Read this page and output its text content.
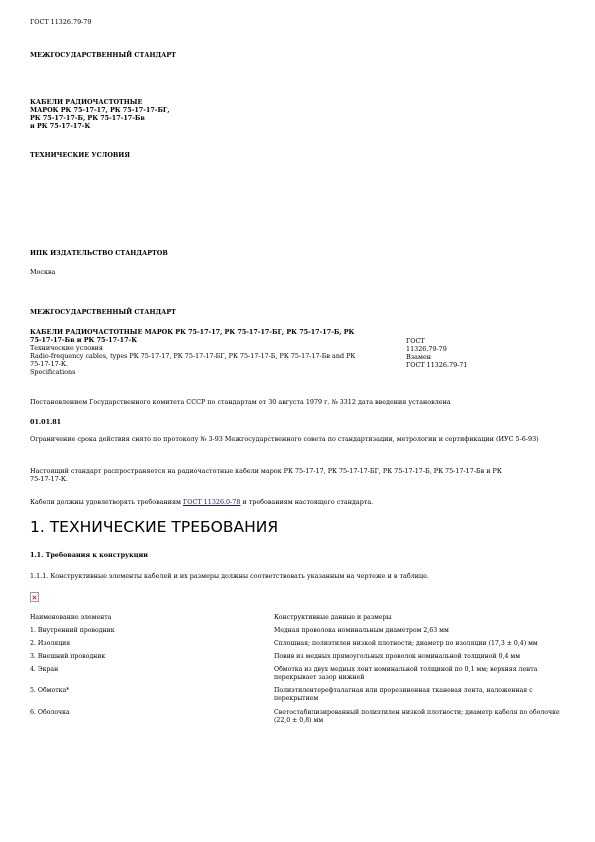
ГОСТ 11326.79-79
МЕЖГОСУДАРСТВЕННЫЙ СТАНДАРТ
КАБЕЛИ РАДИОЧАСТОТНЫЕ
МАРОК РК 75-17-17, РК 75-17-17-БГ,
РК 75-17-17-Б, РК 75-17-17-Бв
и РК 75-17-17-К
ТЕХНИЧЕСКИЕ УСЛОВИЯ
ИПК ИЗДАТЕЛЬСТВО СТАНДАРТОВ
Москва
МЕЖГОСУДАРСТВЕННЫЙ СТАНДАРТ
КАБЕЛИ РАДИОЧАСТОТНЫЕ МАРОК РК 75-17-17, РК 75-17-17-БГ, РК 75-17-17-Б, РК
75-17-17-Бв и РК 75-17-17-К
Технические условия
Radio-frequency cables, types РК 75-17-17, РК 75-17-17-БГ, РК 75-17-17-Б, РК 75-17-17-Бв and РК
75-17-17-К.
Specifications
ГОСТ
11326.79-79
Взамен
ГОСТ 11326.79-71
Постановлением Государственного комитета СССР по стандартам от 30 августа 1979 г. № 3312 дата введения установлена
01.01.81
Ограничение срока действия снято по протоколу № 3-93 Межгосударственного совета по стандартизации, метрологии и сертификации (ИУС 5-6-93)
Настоящий стандарт распространяется на радиочастотные кабели марок РК 75-17-17, РК 75-17-17-БГ, РК 75-17-17-Б, РК 75-17-17-Бв и РК
75-17-17-К.
Кабели должны удовлетворять требованиям ГОСТ 11326.0-78 и требованиям настоящего стандарта.
1. ТЕХНИЧЕСКИЕ ТРЕБОВАНИЯ
1.1. Требования к конструкции
1.1.1. Конструктивные элементы кабелей и их размеры должны соответствовать указанным на чертеже и в таблице.
Наименование элемента	Конструктивные данные и размеры
1. Внутренний проводник	Медная проволока номинальным диаметром 2,63 мм
2. Изоляция	Сплошная; полиэтилен низкой плотности; диаметр по изоляции (17,3 ± 0,4) мм
3. Внешний проводник	Повив из медных прямоугольных проволок номинальной толщиной 0,4 мм
4. Экран	Обмотка из двух медных лент номинальной толщиной по 0,1 мм; верхняя лента перекрывает зазор нижней
5. Обмотка*	Полиэтилентерефталатная или прорезиненная тканевая лента, наложенная с перекрытием
6. Оболочка	Светостабилизированный полиэтилен низкой плотности; диаметр кабеля по оболочке (22,0 ± 0,8) мм
